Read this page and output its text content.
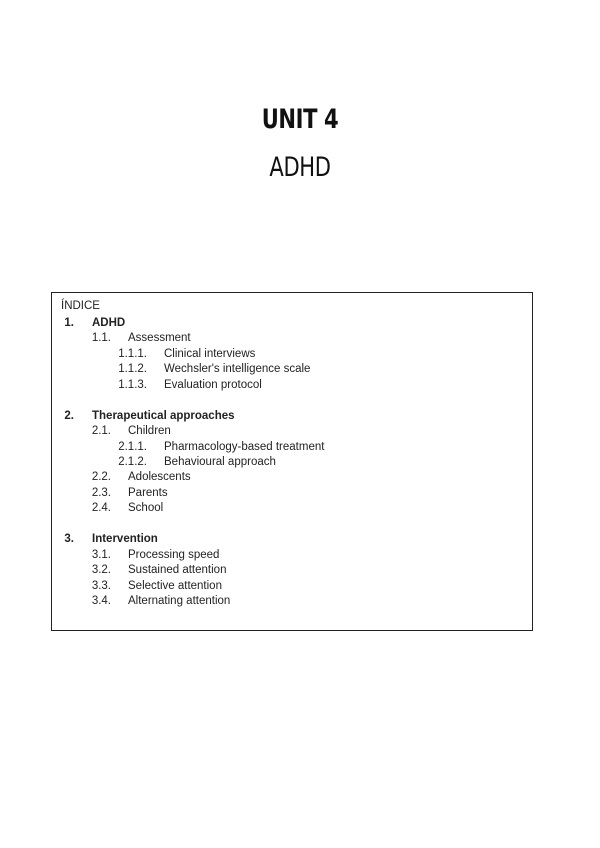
UNIT 4
ADHD
ÍNDICE
1. ADHD
1.1. Assessment
1.1.1. Clinical interviews
1.1.2. Wechsler's intelligence scale
1.1.3. Evaluation protocol
2. Therapeutical approaches
2.1. Children
2.1.1. Pharmacology-based treatment
2.1.2. Behavioural approach
2.2. Adolescents
2.3. Parents
2.4. School
3. Intervention
3.1. Processing speed
3.2. Sustained attention
3.3. Selective attention
3.4. Alternating attention
